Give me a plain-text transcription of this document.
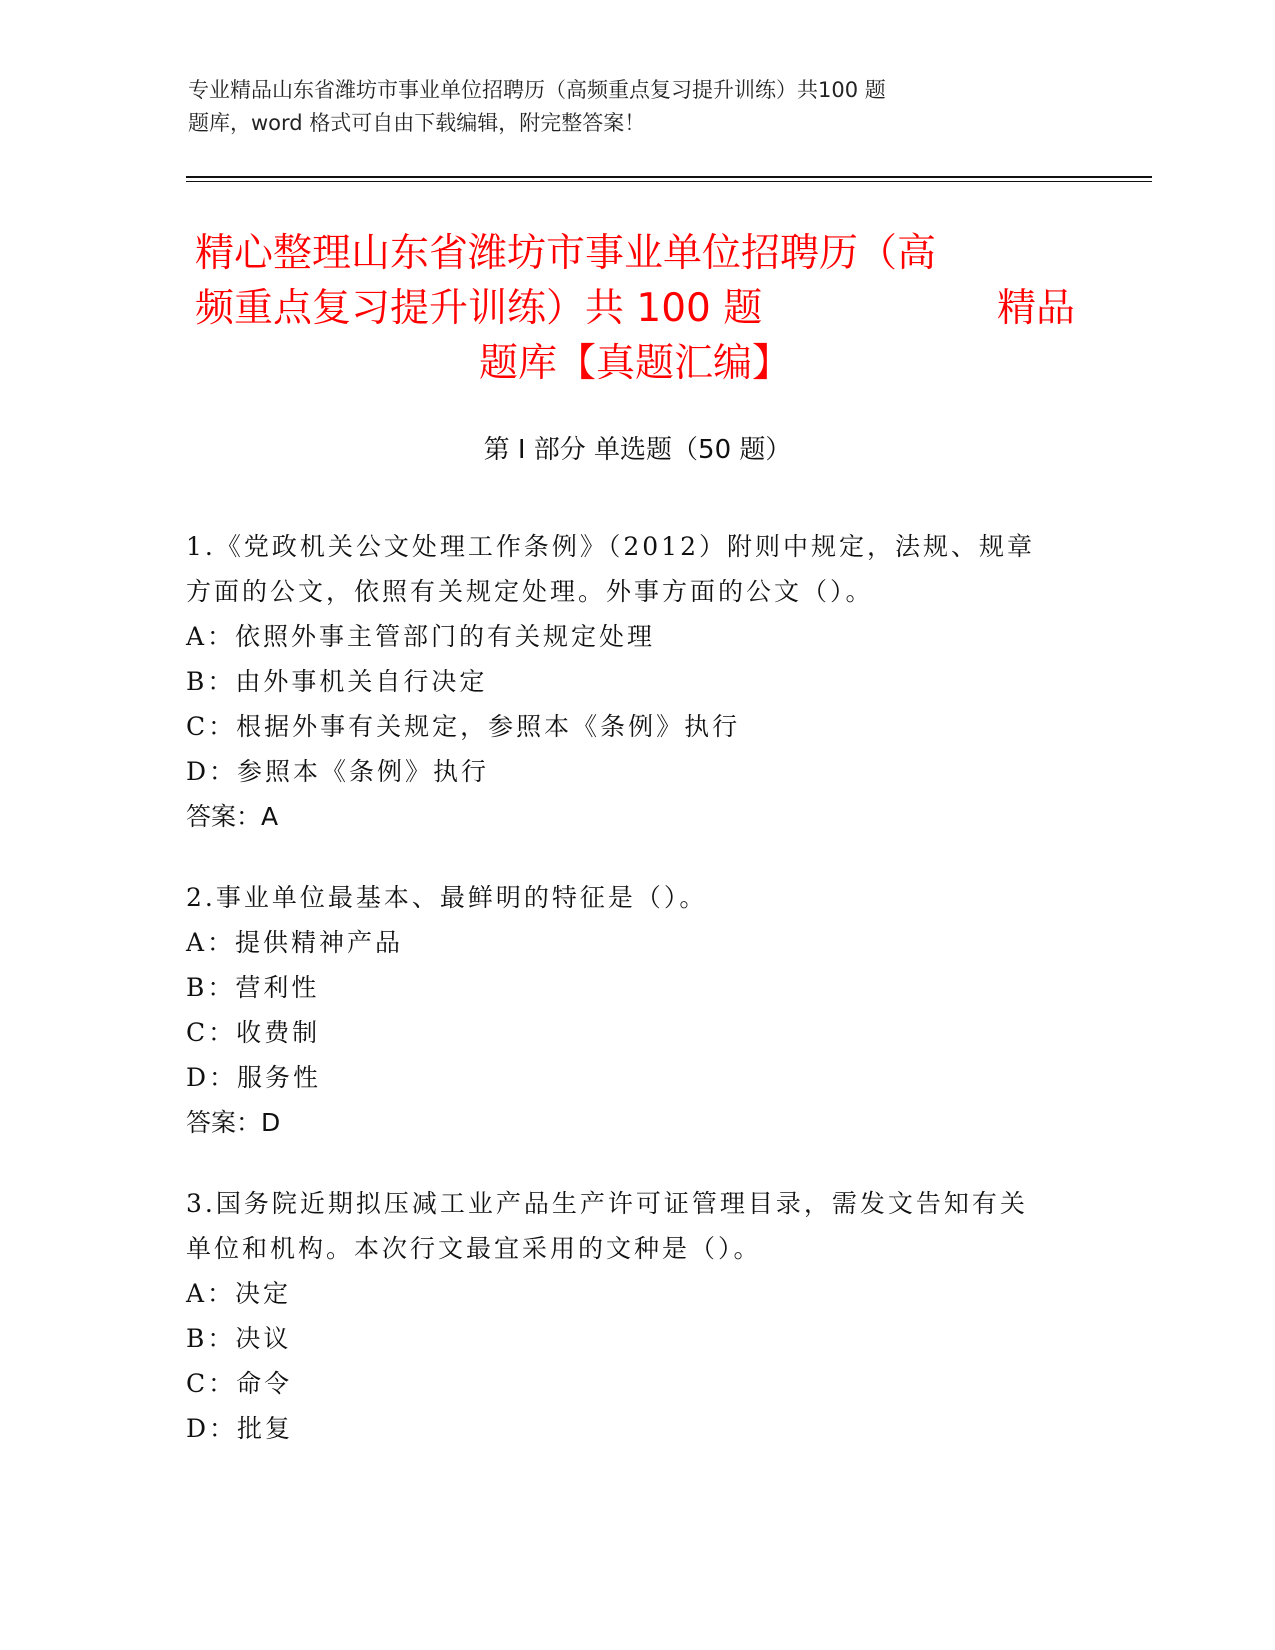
专业精品山东省潍坊市事业单位招聘历（高频重点复习提升训练）共100 题
题库，word 格式可自由下载编辑，附完整答案！
精心整理山东省潍坊市事业单位招聘历（高
频重点复习提升训练）共 100 题	精品
题库【真题汇编】
第 I 部分 单选题（50 题）
1.《党政机关公文处理工作条例》（2012）附则中规定，法规、规章
方面的公文，依照有关规定处理。外事方面的公文（）。
A：依照外事主管部门的有关规定处理
B：由外事机关自行决定
C：根据外事有关规定，参照本《条例》执行
D：参照本《条例》执行
答案：A
2.事业单位最基本、最鲜明的特征是（）。
A：提供精神产品
B：营利性
C：收费制
D：服务性
答案：D
3.国务院近期拟压减工业产品生产许可证管理目录，需发文告知有关
单位和机构。本次行文最宜采用的文种是（）。
A：决定
B：决议
C：命令
D：批复
